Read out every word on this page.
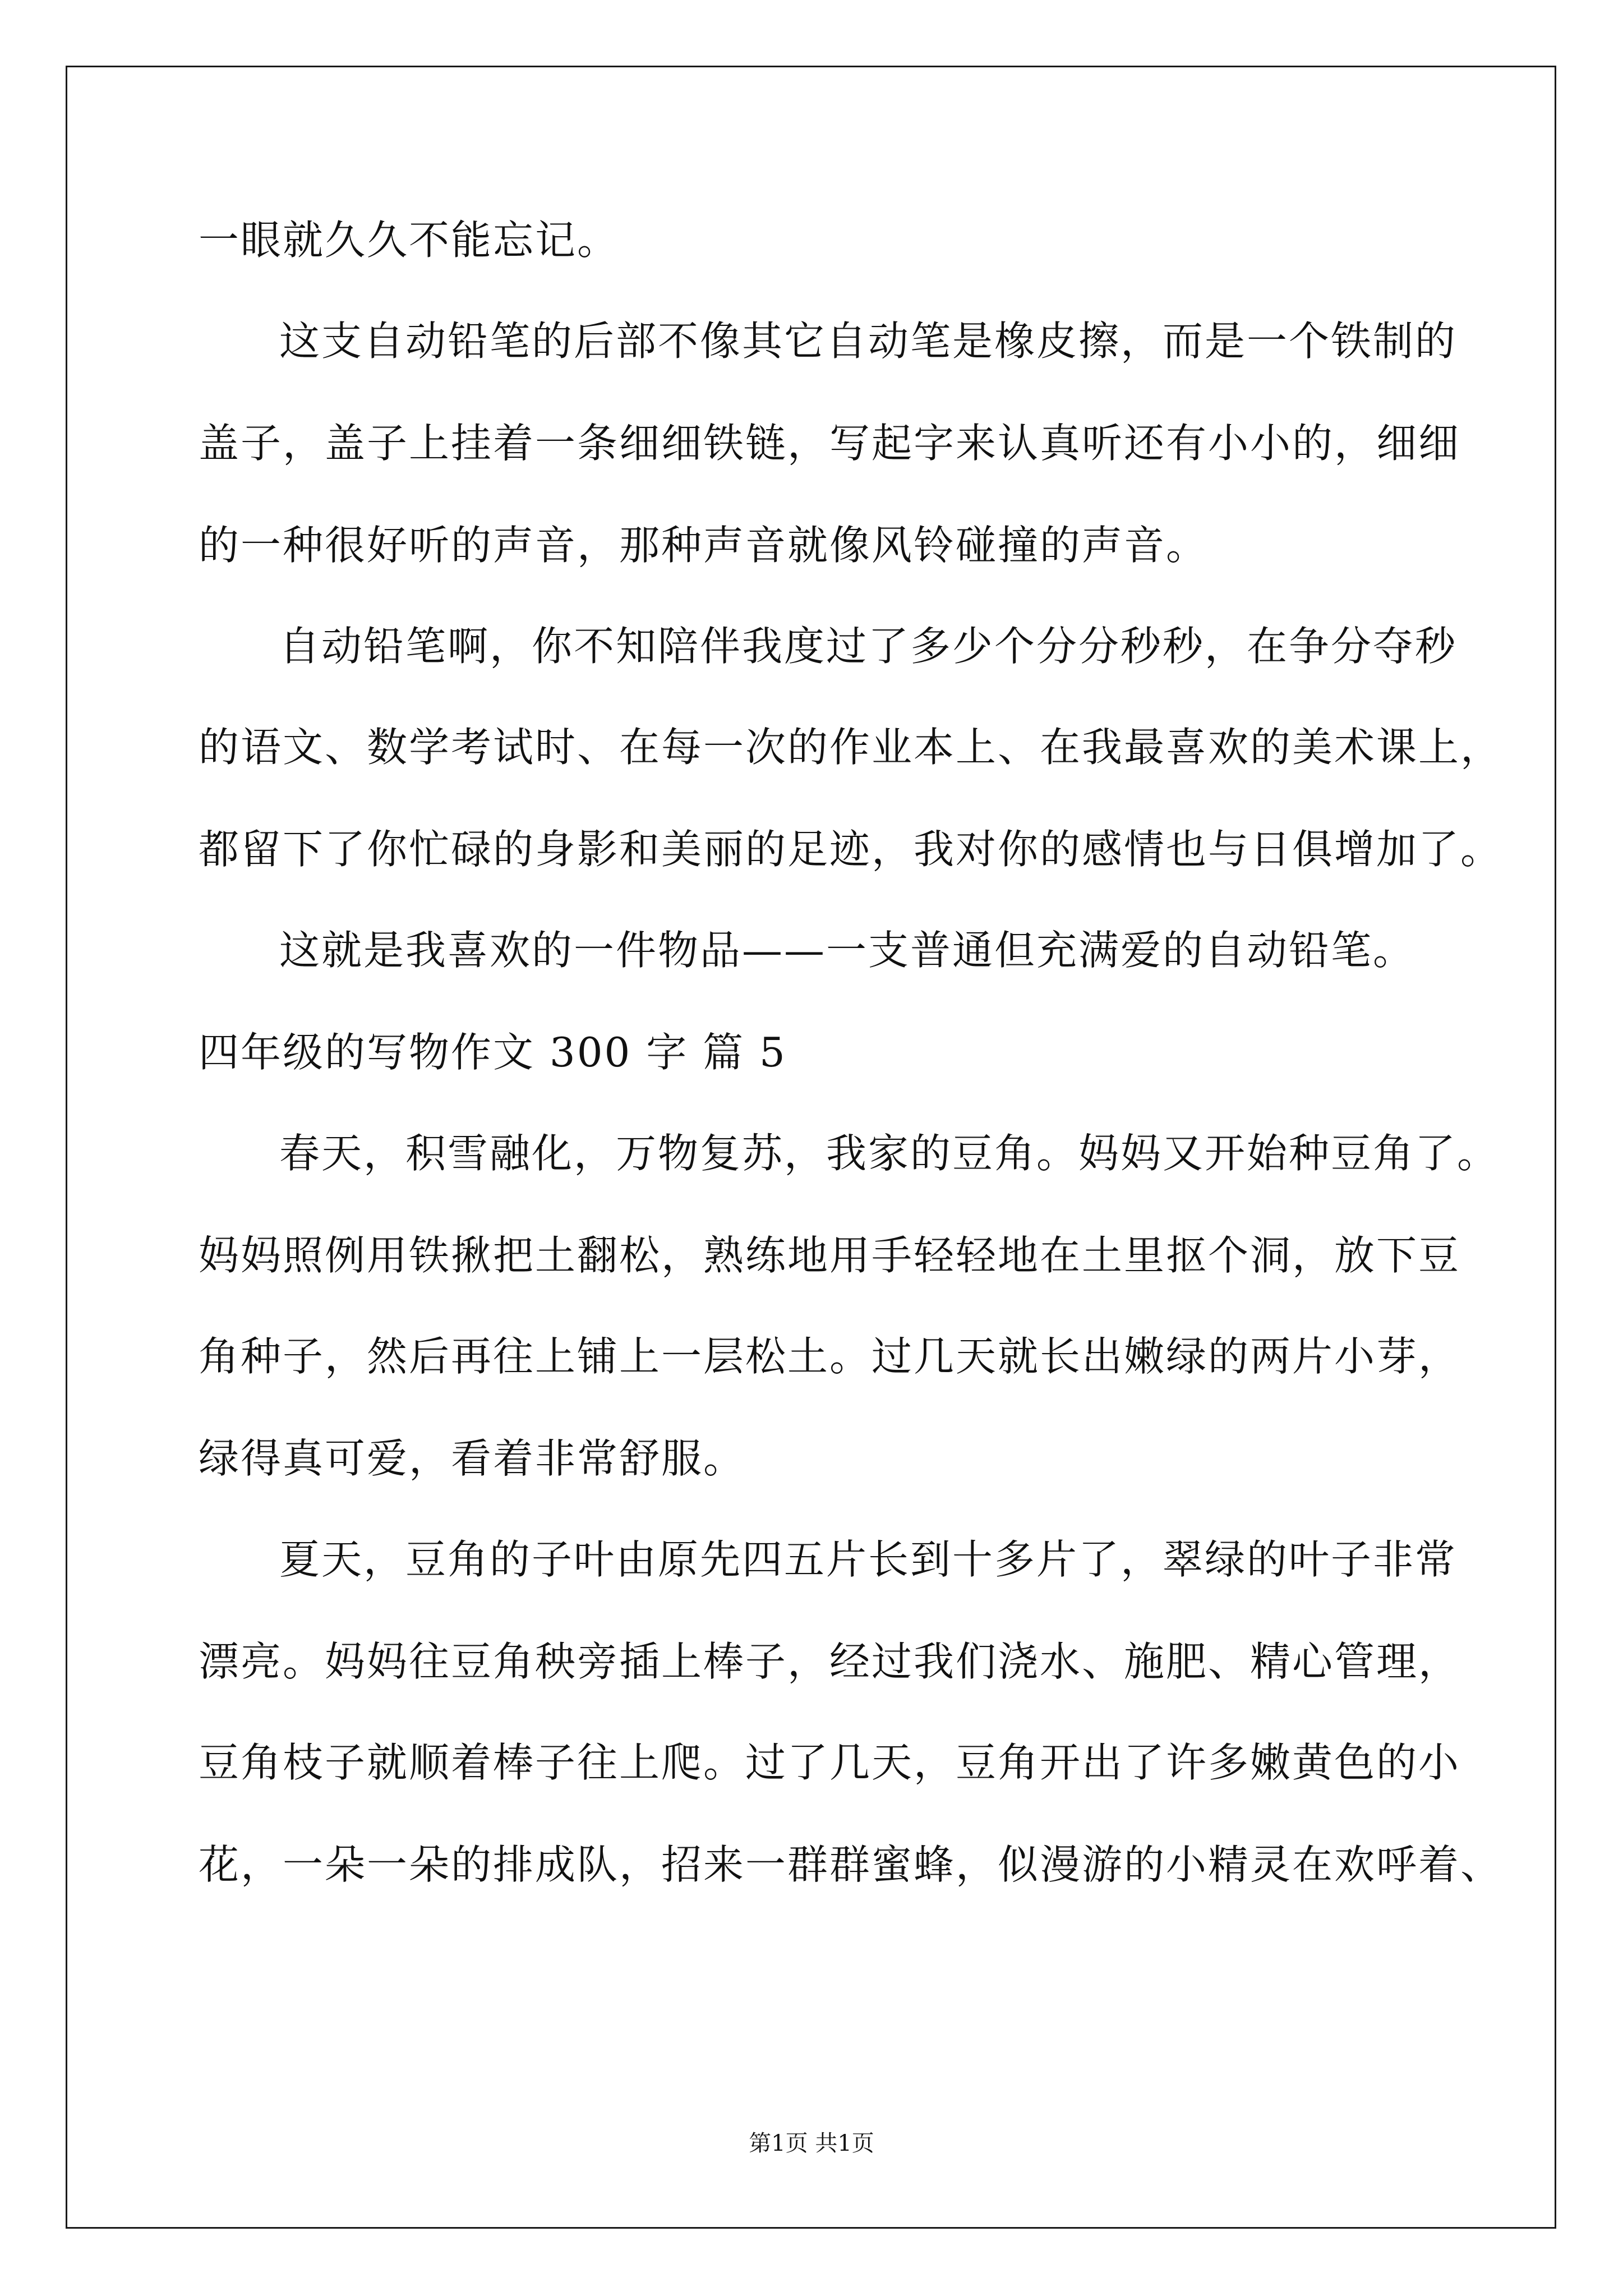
一眼就久久不能忘记。
这支自动铅笔的后部不像其它自动笔是橡皮擦，而是一个铁制的
盖子，盖子上挂着一条细细铁链，写起字来认真听还有小小的，细细
的一种很好听的声音，那种声音就像风铃碰撞的声音。
自动铅笔啊，你不知陪伴我度过了多少个分分秒秒，在争分夺秒
的语文、数学考试时、在每一次的作业本上、在我最喜欢的美术课上，
都留下了你忙碌的身影和美丽的足迹，我对你的感情也与日俱增加了。
这就是我喜欢的一件物品——一支普通但充满爱的自动铅笔。
四年级的写物作文 300 字 篇 5
春天，积雪融化，万物复苏，我家的豆角。妈妈又开始种豆角了。
妈妈照例用铁揪把土翻松，熟练地用手轻轻地在土里抠个洞，放下豆
角种子，然后再往上铺上一层松土。过几天就长出嫩绿的两片小芽，
绿得真可爱，看着非常舒服。
夏天，豆角的子叶由原先四五片长到十多片了，翠绿的叶子非常
漂亮。妈妈往豆角秧旁插上棒子，经过我们浇水、施肥、精心管理，
豆角枝子就顺着棒子往上爬。过了几天，豆角开出了许多嫩黄色的小
花，一朵一朵的排成队，招来一群群蜜蜂，似漫游的小精灵在欢呼着、
第1页 共1页
